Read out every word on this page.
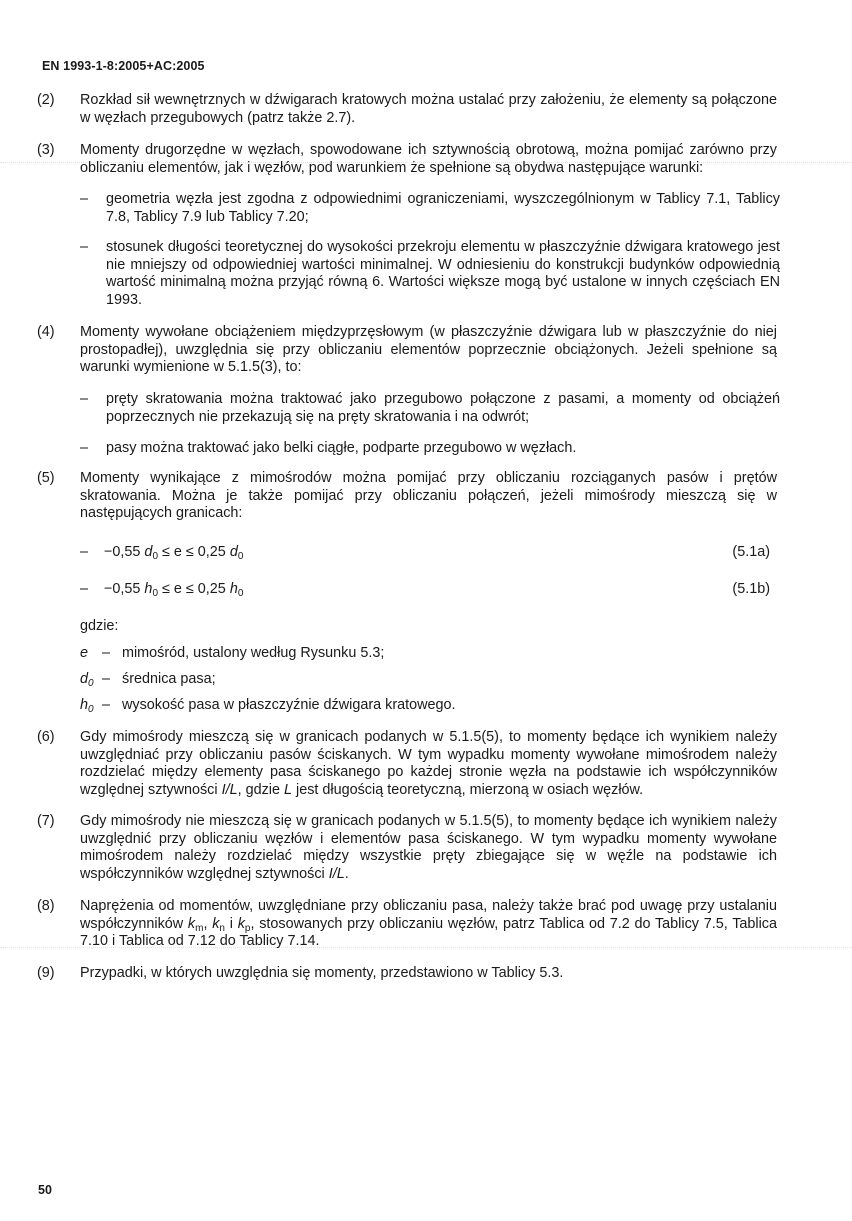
EN 1993-1-8:2005+AC:2005
(2) Rozkład sił wewnętrznych w dźwigarach kratowych można ustalać przy założeniu, że elementy są połączone w węzłach przegubowych (patrz także 2.7).
(3) Momenty drugorzędne w węzłach, spowodowane ich sztywnością obrotową, można pomijać zarówno przy obliczaniu elementów, jak i węzłów, pod warunkiem że spełnione są obydwa następujące warunki:
– geometria węzła jest zgodna z odpowiednimi ograniczeniami, wyszczególnionym w Tablicy 7.1, Tablicy 7.8, Tablicy 7.9 lub Tablicy 7.20;
– stosunek długości teoretycznej do wysokości przekroju elementu w płaszczyźnie dźwigara kratowego jest nie mniejszy od odpowiedniej wartości minimalnej. W odniesieniu do konstrukcji budynków odpowiednią wartość minimalną można przyjąć równą 6. Wartości większe mogą być ustalone w innych częściach EN 1993.
(4) Momenty wywołane obciążeniem międzyprzęsłowym (w płaszczyźnie dźwigara lub w płaszczyźnie do niej prostopadłej), uwzględnia się przy obliczaniu elementów poprzecznie obciążonych. Jeżeli spełnione są warunki wymienione w 5.1.5(3), to:
– pręty skratowania można traktować jako przegubowo połączone z pasami, a momenty od obciążeń poprzecznych nie przekazują się na pręty skratowania i na odwrót;
– pasy można traktować jako belki ciągłe, podparte przegubowo w węzłach.
(5) Momenty wynikające z mimośrodów można pomijać przy obliczaniu rozciąganych pasów i prętów skratowania. Można je także pomijać przy obliczaniu połączeń, jeżeli mimośrody mieszczą się w następujących granicach:
– −0,55 $d_0 \le e \le 0,25$ $d_0$	(5.1a)
– −0,55 $h_0 \le e \le 0,25$ $h_0$	(5.1b)
gdzie:
e – mimośród, ustalony według Rysunku 5.3;
$d_0$ – średnica pasa;
$h_0$ – wysokość pasa w płaszczyźnie dźwigara kratowego.
(6) Gdy mimośrody mieszczą się w granicach podanych w 5.1.5(5), to momenty będące ich wynikiem należy uwzględniać przy obliczaniu pasów ściskanych. W tym wypadku momenty wywołane mimośrodem należy rozdzielać między elementy pasa ściskanego po każdej stronie węzła na podstawie ich współczynników względnej sztywności I/L, gdzie L jest długością teoretyczną, mierzoną w osiach węzłów.
(7) Gdy mimośrody nie mieszczą się w granicach podanych w 5.1.5(5), to momenty będące ich wynikiem należy uwzględnić przy obliczaniu węzłów i elementów pasa ściskanego. W tym wypadku momenty wywołane mimośrodem należy rozdzielać między wszystkie pręty zbiegające się w węźle na podstawie ich współczynników względnej sztywności I/L.
(8) Naprężenia od momentów, uwzględniane przy obliczaniu pasa, należy także brać pod uwagę przy ustalaniu współczynników $k_m$, $k_n$ i $k_p$, stosowanych przy obliczaniu węzłów, patrz Tablica od 7.2 do Tablicy 7.5, Tablica 7.10 i Tablica od 7.12 do Tablicy 7.14.
(9) Przypadki, w których uwzględnia się momenty, przedstawiono w Tablicy 5.3.
50
